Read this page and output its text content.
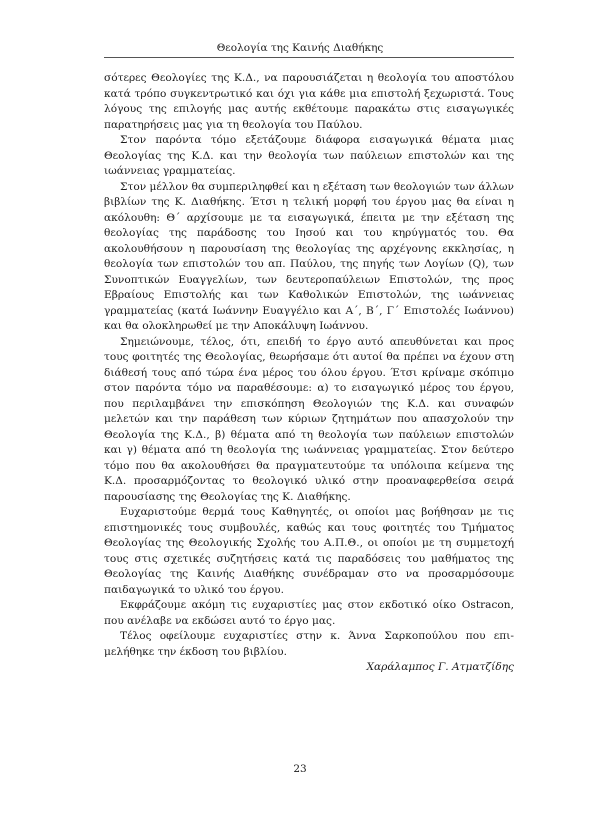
Θεολογία της Καινής Διαθήκης

σότερες Θεολογίες της Κ.Δ., να παρουσιάζεται η θεολογία του αποστόλου κατά τρόπο συγκεντρωτικό και όχι για κάθε μια επιστολή ξεχωριστά. Τους λόγους της επιλογής μας αυτής εκθέτουμε παρακάτω στις εισαγωγικές παρατηρήσεις μας για τη θεολογία του Παύλου.

Στον παρόντα τόμο εξετάζουμε διάφορα εισαγωγικά θέματα μιας Θεολογίας της Κ.Δ. και την θεολογία των παύλειων επιστολών και της ιωάννειας γραμματείας.

Στον μέλλον θα συμπεριληφθεί και η εξέταση των θεολογιών των άλλων βιβλίων της Κ. Διαθήκης. Έτσι η τελική μορφή του έργου μας θα είναι η ακόλουθη: Θ΄ αρχίσουμε με τα εισαγωγικά, έπειτα με την εξέταση της θεολογίας της παράδοσης του Ιησού και του κηρύγματός του. Θα ακολουθήσουν η παρουσίαση της θεολογίας της αρχέγονης εκκλησίας, η θεολογία των επιστολών του απ. Παύλου, της πηγής των Λογίων (Q), των Συνοπτικών Ευαγγελίων, των δευτεροπαύλειων Επιστολών, της προς Εβραίους Επιστολής και των Καθολικών Επιστολών, της ιωάννειας γραμματείας (κατά Ιωάννην Ευαγγέλιο και Α΄, Β΄, Γ΄ Επιστολές Ιωάννου) και θα ολοκληρωθεί με την Αποκάλυψη Ιωάννου.

Σημειώνουμε, τέλος, ότι, επειδή το έργο αυτό απευθύνεται και προς τους φοιτητές της Θεολογίας, θεωρήσαμε ότι αυτοί θα πρέπει να έχουν στη διάθεσή τους από τώρα ένα μέρος του όλου έργου. Έτσι κρίναμε σκόπιμο στον παρόντα τόμο να παραθέσουμε: α) το εισαγωγικό μέρος του έργου, που περιλαμβάνει την επισκόπηση Θεολογιών της Κ.Δ. και συναφών μελετών και την παράθεση των κύριων ζητημάτων που απασχολούν την Θεολογία της Κ.Δ., β) θέματα από τη θεολογία των παύλειων επιστολών και γ) θέματα από τη θεολογία της ιωάννειας γραμματείας. Στον δεύτερο τόμο που θα ακολουθήσει θα πραγματευτούμε τα υπόλοιπα κείμενα της Κ.Δ. προσαρμόζοντας το θεολογικό υλικό στην προαναφερθείσα σειρά παρουσίασης της Θεολογίας της Κ. Διαθήκης.

Ευχαριστούμε θερμά τους Καθηγητές, οι οποίοι μας βοήθησαν με τις επιστημονικές τους συμβουλές, καθώς και τους φοιτητές του Τμήματος Θεολογίας της Θεολογικής Σχολής του Α.Π.Θ., οι οποίοι με τη συμμετοχή τους στις σχετικές συζητήσεις κατά τις παραδόσεις του μαθήματος της Θεολογίας της Καινής Διαθήκης συνέδραμαν στο να προσαρμόσουμε παιδαγωγικά το υλικό του έργου.

Εκφράζουμε ακόμη τις ευχαριστίες μας στον εκδοτικό οίκο Ostracon, που ανέλαβε να εκδώσει αυτό το έργο μας.

Τέλος οφείλουμε ευχαριστίες στην κ. Άννα Σαρκοπούλου που επιμελήθηκε την έκδοση του βιβλίου.

Χαράλαμπος Γ. Ατματζίδης

23
